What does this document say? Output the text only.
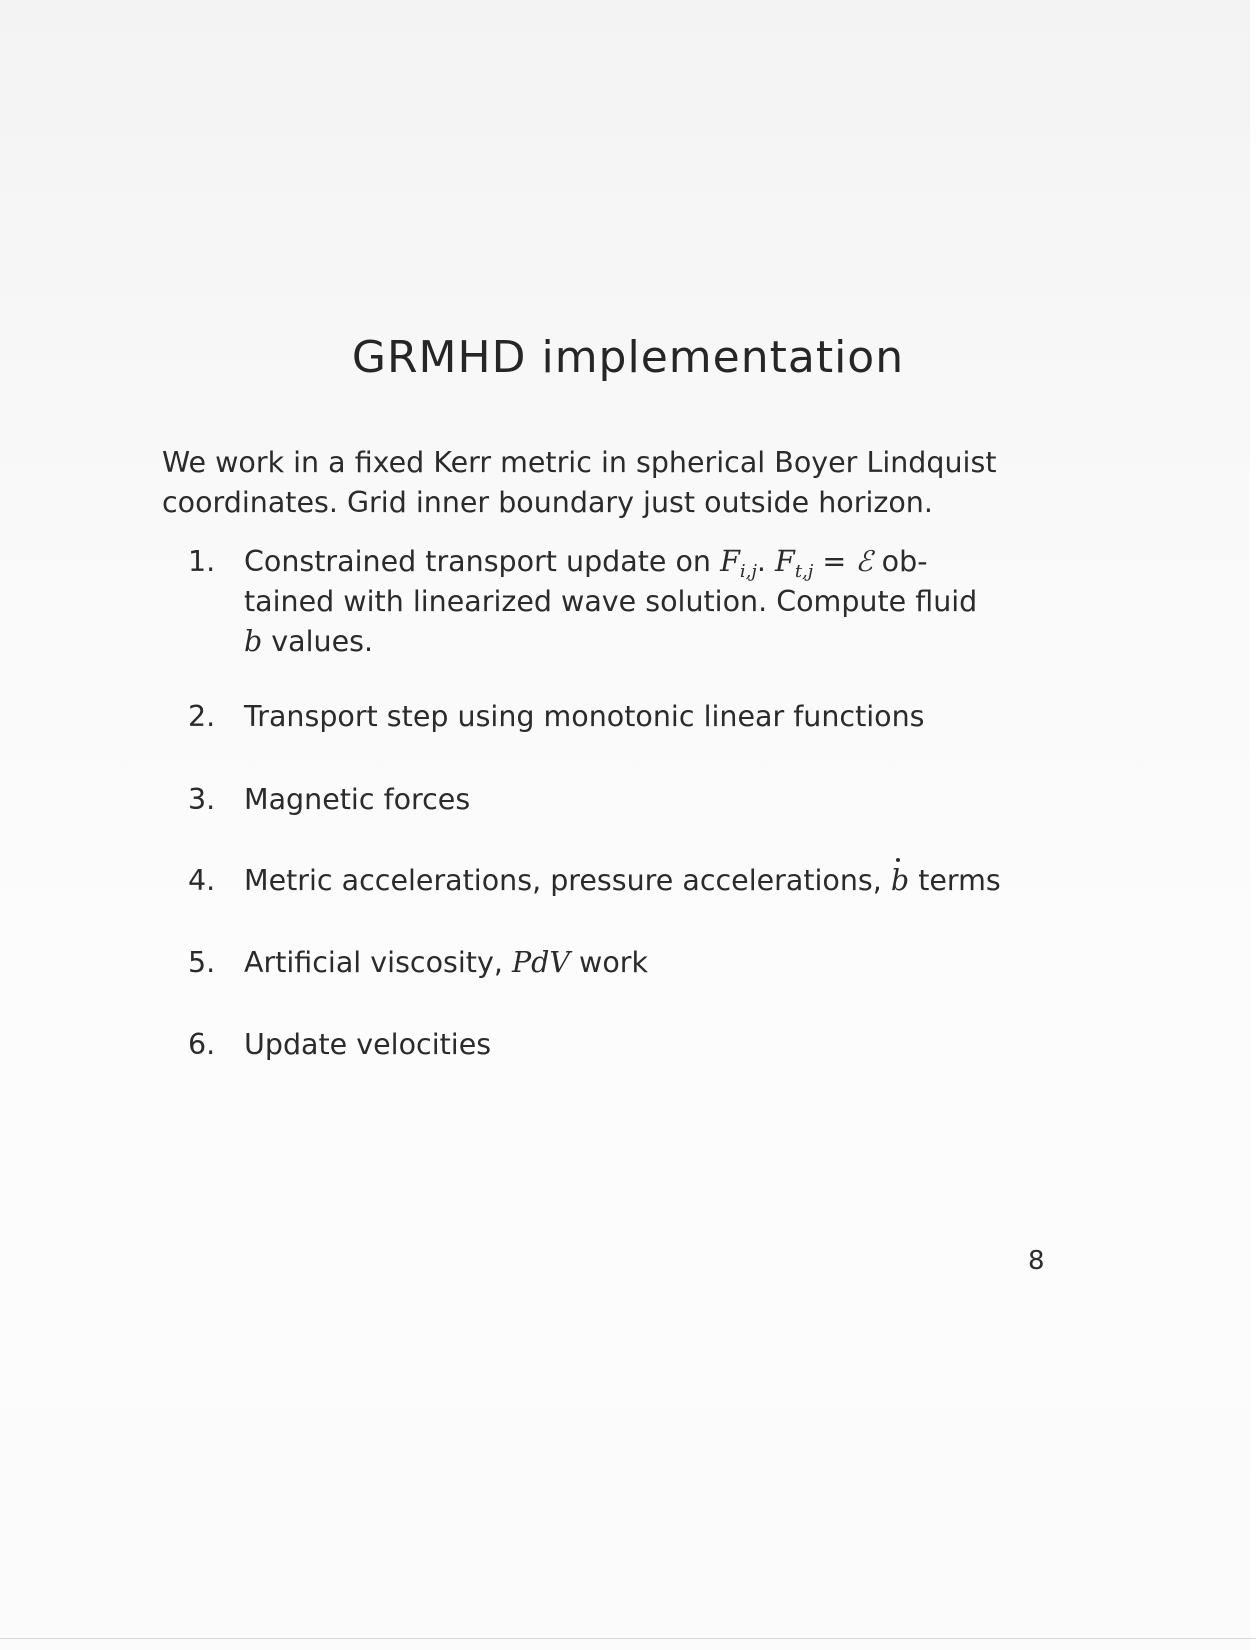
GRMHD implementation

We work in a fixed Kerr metric in spherical Boyer Lindquist
coordinates. Grid inner boundary just outside horizon.

1.	Constrained transport update on $F_{i,j}$. $F_{t,j}$ = ℰ ob-
tained with linearized wave solution. Compute fluid
b values.
2.	Transport step using monotonic linear functions
3.	Magnetic forces
4.	Metric accelerations, pressure accelerations, b terms
5.	Artificial viscosity, PdV work
6.	Update velocities
8
